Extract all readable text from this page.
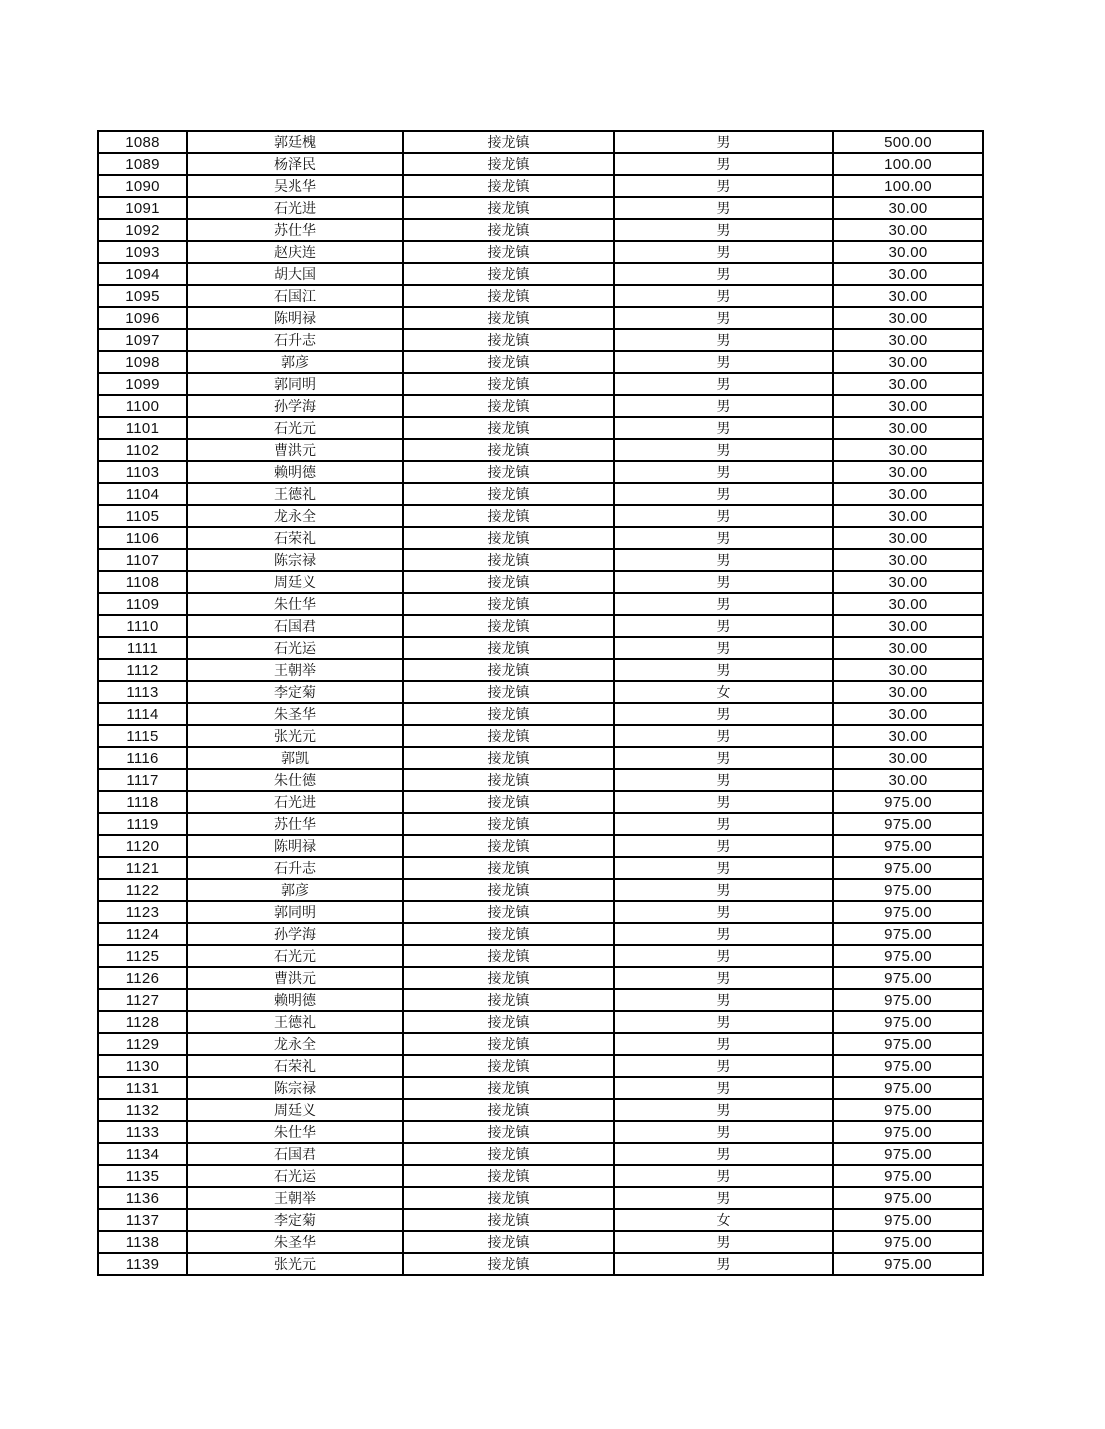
1088	郭廷槐	接龙镇	男	500.00
1089	杨泽民	接龙镇	男	100.00
1090	吴兆华	接龙镇	男	100.00
1091	石光进	接龙镇	男	30.00
1092	苏仕华	接龙镇	男	30.00
1093	赵庆连	接龙镇	男	30.00
1094	胡大国	接龙镇	男	30.00
1095	石国江	接龙镇	男	30.00
1096	陈明禄	接龙镇	男	30.00
1097	石升志	接龙镇	男	30.00
1098	郭彦	接龙镇	男	30.00
1099	郭同明	接龙镇	男	30.00
1100	孙学海	接龙镇	男	30.00
1101	石光元	接龙镇	男	30.00
1102	曹洪元	接龙镇	男	30.00
1103	赖明德	接龙镇	男	30.00
1104	王德礼	接龙镇	男	30.00
1105	龙永全	接龙镇	男	30.00
1106	石荣礼	接龙镇	男	30.00
1107	陈宗禄	接龙镇	男	30.00
1108	周廷义	接龙镇	男	30.00
1109	朱仕华	接龙镇	男	30.00
1110	石国君	接龙镇	男	30.00
1111	石光运	接龙镇	男	30.00
1112	王朝举	接龙镇	男	30.00
1113	李定菊	接龙镇	女	30.00
1114	朱圣华	接龙镇	男	30.00
1115	张光元	接龙镇	男	30.00
1116	郭凯	接龙镇	男	30.00
1117	朱仕德	接龙镇	男	30.00
1118	石光进	接龙镇	男	975.00
1119	苏仕华	接龙镇	男	975.00
1120	陈明禄	接龙镇	男	975.00
1121	石升志	接龙镇	男	975.00
1122	郭彦	接龙镇	男	975.00
1123	郭同明	接龙镇	男	975.00
1124	孙学海	接龙镇	男	975.00
1125	石光元	接龙镇	男	975.00
1126	曹洪元	接龙镇	男	975.00
1127	赖明德	接龙镇	男	975.00
1128	王德礼	接龙镇	男	975.00
1129	龙永全	接龙镇	男	975.00
1130	石荣礼	接龙镇	男	975.00
1131	陈宗禄	接龙镇	男	975.00
1132	周廷义	接龙镇	男	975.00
1133	朱仕华	接龙镇	男	975.00
1134	石国君	接龙镇	男	975.00
1135	石光运	接龙镇	男	975.00
1136	王朝举	接龙镇	男	975.00
1137	李定菊	接龙镇	女	975.00
1138	朱圣华	接龙镇	男	975.00
1139	张光元	接龙镇	男	975.00
